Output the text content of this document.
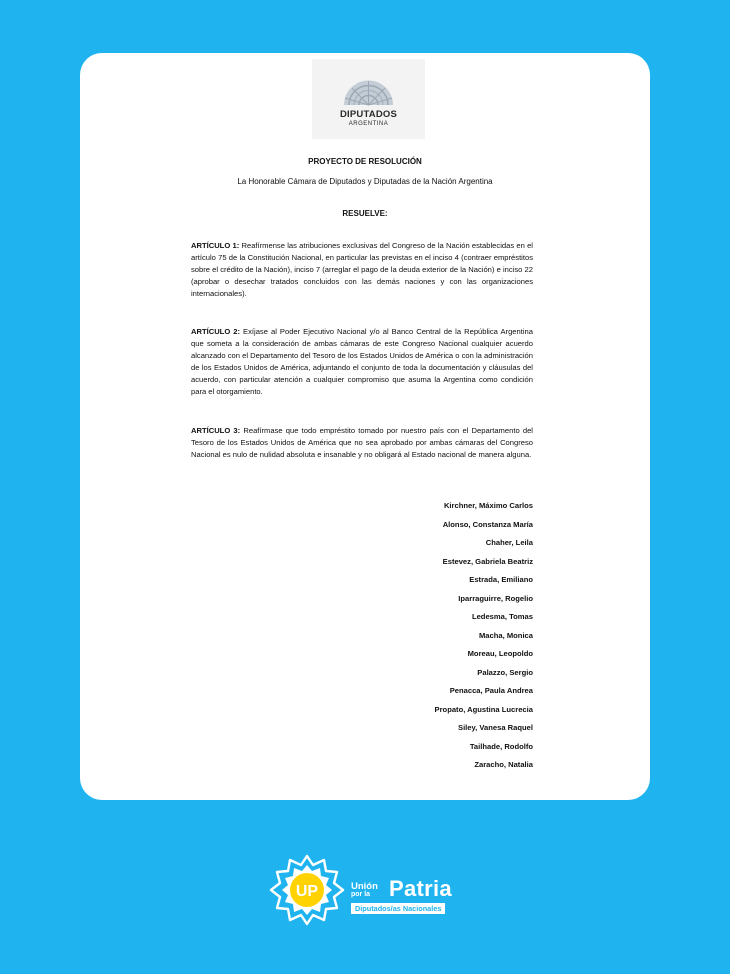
DIPUTADOS
ARGENTINA
PROYECTO DE RESOLUCIÓN
La Honorable Cámara de Diputados y Diputadas de la Nación Argentina
RESUELVE:
ARTÍCULO 1: Reafírmense las atribuciones exclusivas del Congreso de la Nación establecidas en el artículo 75 de la Constitución Nacional, en particular las previstas en el inciso 4 (contraer empréstitos sobre el crédito de la Nación), inciso 7 (arreglar el pago de la deuda exterior de la Nación) e inciso 22 (aprobar o desechar tratados concluidos con las demás naciones y con las organizaciones internacionales).
ARTÍCULO 2: Exíjase al Poder Ejecutivo Nacional y/o al Banco Central de la República Argentina que someta a la consideración de ambas cámaras de este Congreso Nacional cualquier acuerdo alcanzado con el Departamento del Tesoro de los Estados Unidos de América o con la administración de los Estados Unidos de América, adjuntando el conjunto de toda la documentación y cláusulas del acuerdo, con particular atención a cualquier compromiso que asuma la Argentina como condición para el otorgamiento.
ARTÍCULO 3: Reafírmase que todo empréstito tomado por nuestro país con el Departamento del Tesoro de los Estados Unidos de América que no sea aprobado por ambas cámaras del Congreso Nacional es nulo de nulidad absoluta e insanable y no obligará al Estado nacional de manera alguna.
Kirchner, Máximo Carlos
Alonso, Constanza María
Chaher, Leila
Estevez, Gabriela Beatriz
Estrada, Emiliano
Iparraguirre, Rogelio
Ledesma, Tomas
Macha, Monica
Moreau, Leopoldo
Palazzo, Sergio
Penacca, Paula Andrea
Propato, Agustina Lucrecia
Siley, Vanesa Raquel
Tailhade, Rodolfo
Zaracho, Natalia
UP	Unión
por la Patria
Diputados/as Nacionales
